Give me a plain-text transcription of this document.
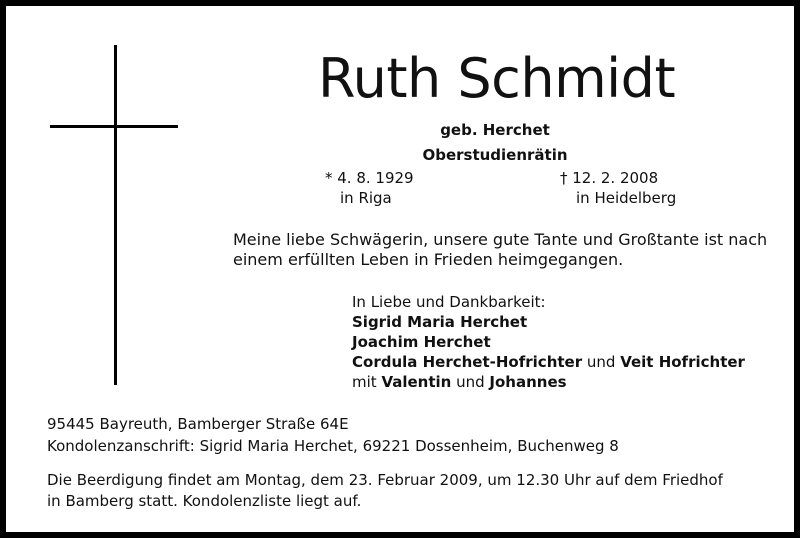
Ruth Schmidt
geb. Herchet
Oberstudienrätin
* 4. 8. 1929
in Riga
† 12. 2. 2008
in Heidelberg
Meine liebe Schwägerin, unsere gute Tante und Großtante ist nach
einem erfüllten Leben in Frieden heimgegangen.
In Liebe und Dankbarkeit:
Sigrid Maria Herchet
Joachim Herchet
Cordula Herchet-Hofrichter und Veit Hofrichter
mit Valentin und Johannes
95445 Bayreuth, Bamberger Straße 64E
Kondolenzanschrift: Sigrid Maria Herchet, 69221 Dossenheim, Buchenweg 8
Die Beerdigung findet am Montag, dem 23. Februar 2009, um 12.30 Uhr auf dem Friedhof
in Bamberg statt. Kondolenzliste liegt auf.
